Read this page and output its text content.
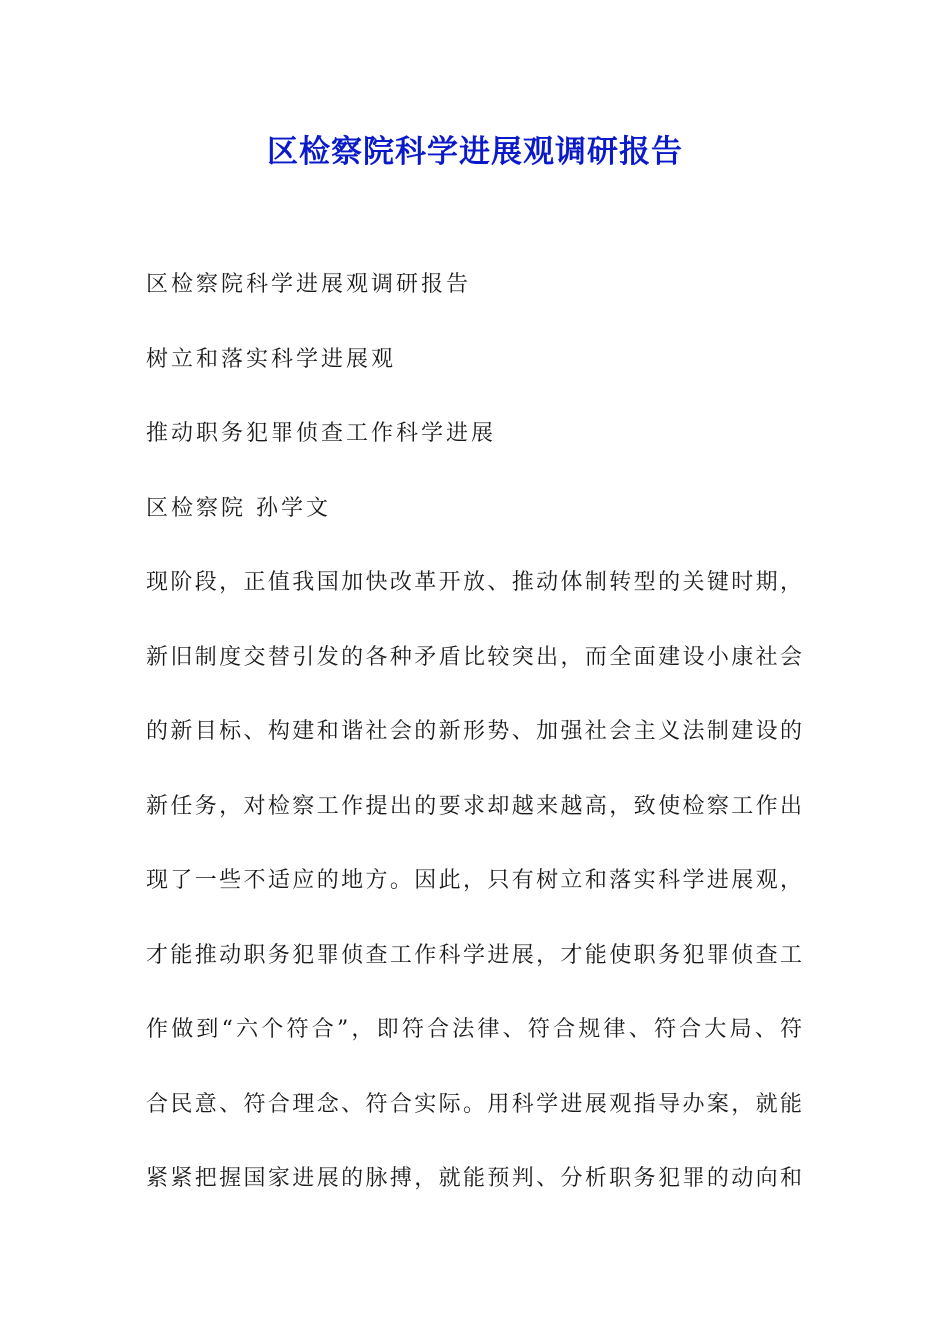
区检察院科学进展观调研报告
区检察院科学进展观调研报告
树立和落实科学进展观
推动职务犯罪侦查工作科学进展
区检察院 孙学文
现阶段，正值我国加快改革开放、推动体制转型的关键时期，
新旧制度交替引发的各种矛盾比较突出，而全面建设小康社会
的新目标、构建和谐社会的新形势、加强社会主义法制建设的
新任务，对检察工作提出的要求却越来越高，致使检察工作出
现了一些不适应的地方。因此，只有树立和落实科学进展观，
才能推动职务犯罪侦查工作科学进展，才能使职务犯罪侦查工
作做到“六个符合”，即符合法律、符合规律、符合大局、符
合民意、符合理念、符合实际。用科学进展观指导办案，就能
紧紧把握国家进展的脉搏，就能预判、分析职务犯罪的动向和
